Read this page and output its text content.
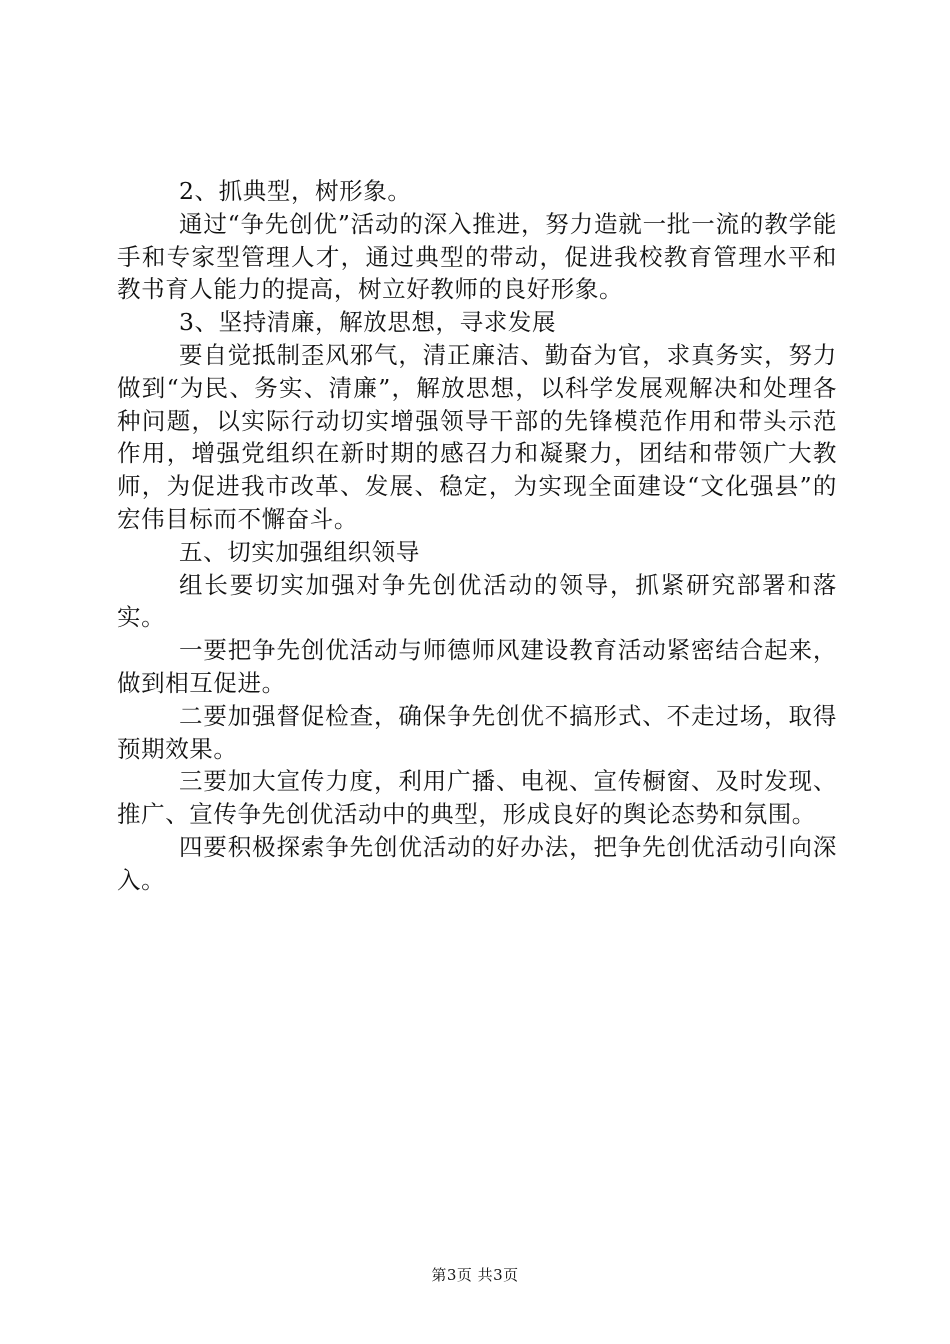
2、抓典型，树形象。

通过“争先创优”活动的深入推进，努力造就一批一流的教学能手和专家型管理人才，通过典型的带动，促进我校教育管理水平和教书育人能力的提高，树立好教师的良好形象。

3、坚持清廉，解放思想，寻求发展

要自觉抵制歪风邪气，清正廉洁、勤奋为官，求真务实，努力做到“为民、务实、清廉”，解放思想，以科学发展观解决和处理各种问题，以实际行动切实增强领导干部的先锋模范作用和带头示范作用，增强党组织在新时期的感召力和凝聚力，团结和带领广大教师，为促进我市改革、发展、稳定，为实现全面建设“文化强县”的宏伟目标而不懈奋斗。

五、切实加强组织领导

组长要切实加强对争先创优活动的领导，抓紧研究部署和落实。

一要把争先创优活动与师德师风建设教育活动紧密结合起来，做到相互促进。

二要加强督促检查，确保争先创优不搞形式、不走过场，取得预期效果。

三要加大宣传力度，利用广播、电视、宣传橱窗、及时发现、推广、宣传争先创优活动中的典型，形成良好的舆论态势和氛围。

四要积极探索争先创优活动的好办法，把争先创优活动引向深入。

第3页 共3页
